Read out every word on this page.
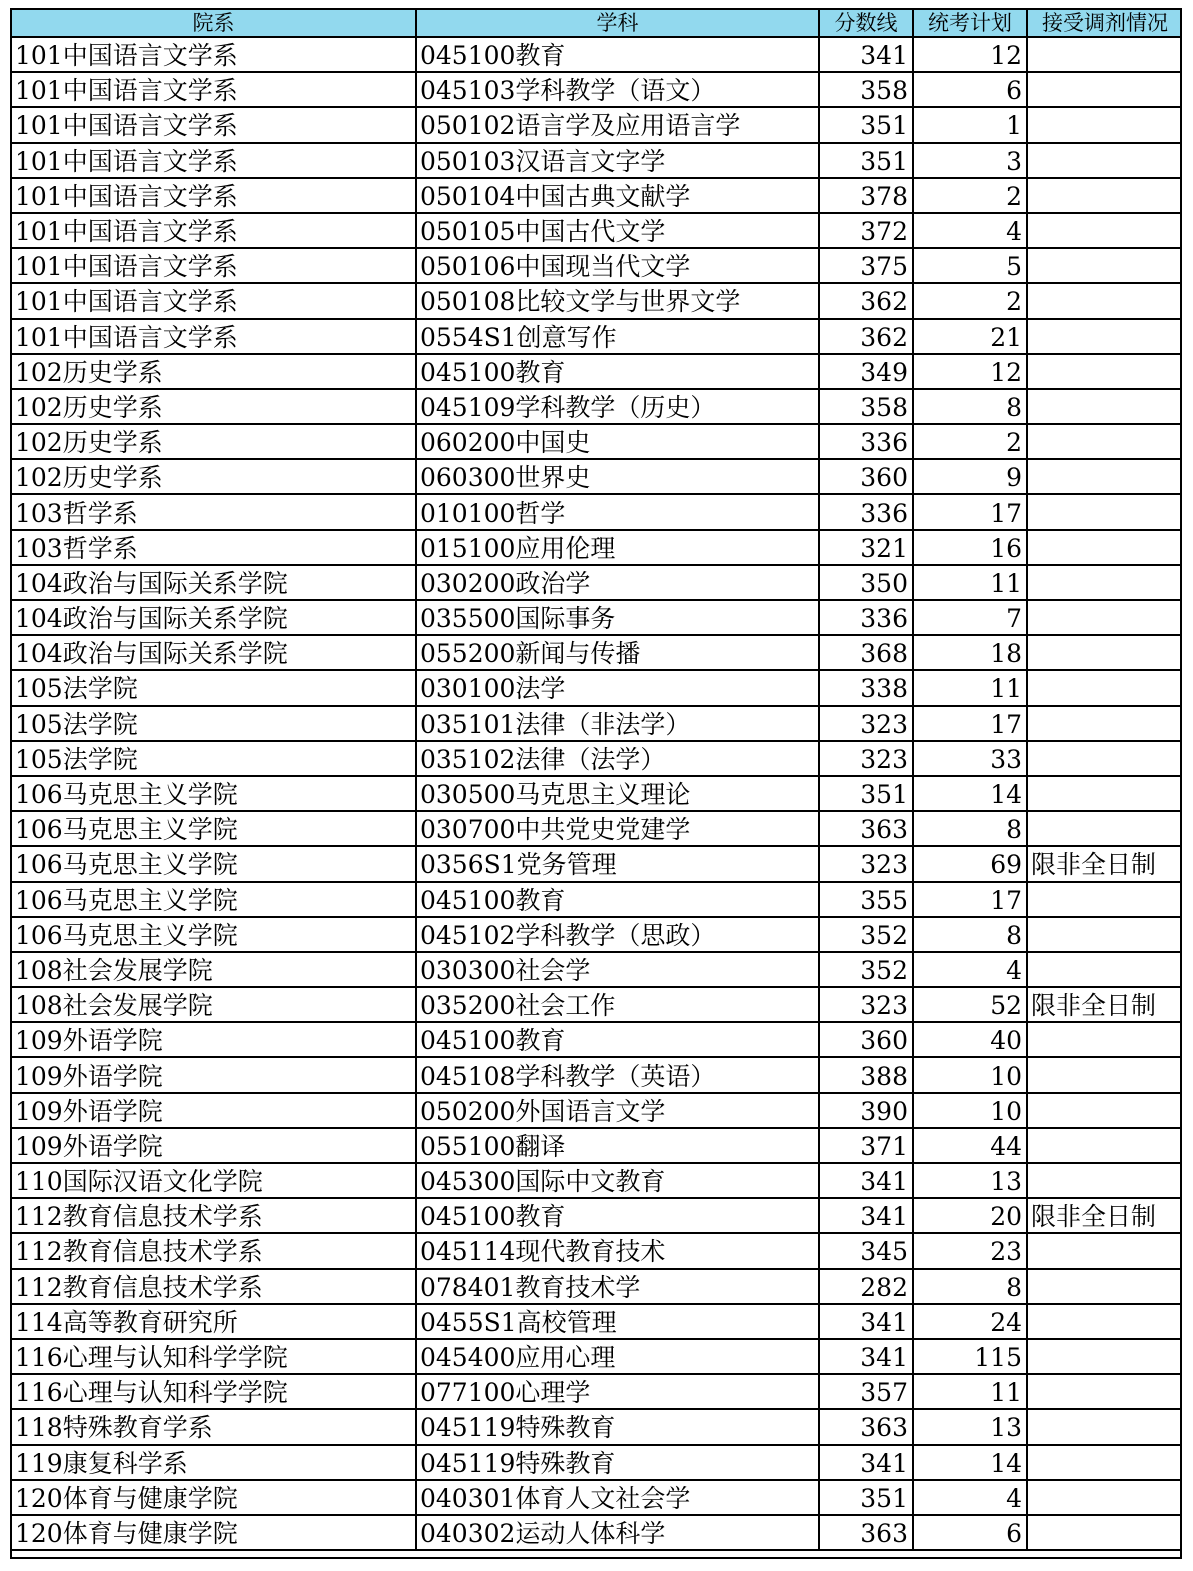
院系	学科	分数线	统考计划	接受调剂情况
101中国语言文学系	045100教育	341	12	
101中国语言文学系	045103学科教学（语文）	358	6	
101中国语言文学系	050102语言学及应用语言学	351	1	
101中国语言文学系	050103汉语言文字学	351	3	
101中国语言文学系	050104中国古典文献学	378	2	
101中国语言文学系	050105中国古代文学	372	4	
101中国语言文学系	050106中国现当代文学	375	5	
101中国语言文学系	050108比较文学与世界文学	362	2	
101中国语言文学系	0554S1创意写作	362	21	
102历史学系	045100教育	349	12	
102历史学系	045109学科教学（历史）	358	8	
102历史学系	060200中国史	336	2	
102历史学系	060300世界史	360	9	
103哲学系	010100哲学	336	17	
103哲学系	015100应用伦理	321	16	
104政治与国际关系学院	030200政治学	350	11	
104政治与国际关系学院	035500国际事务	336	7	
104政治与国际关系学院	055200新闻与传播	368	18	
105法学院	030100法学	338	11	
105法学院	035101法律（非法学）	323	17	
105法学院	035102法律（法学）	323	33	
106马克思主义学院	030500马克思主义理论	351	14	
106马克思主义学院	030700中共党史党建学	363	8	
106马克思主义学院	0356S1党务管理	323	69	限非全日制
106马克思主义学院	045100教育	355	17	
106马克思主义学院	045102学科教学（思政）	352	8	
108社会发展学院	030300社会学	352	4	
108社会发展学院	035200社会工作	323	52	限非全日制
109外语学院	045100教育	360	40	
109外语学院	045108学科教学（英语）	388	10	
109外语学院	050200外国语言文学	390	10	
109外语学院	055100翻译	371	44	
110国际汉语文化学院	045300国际中文教育	341	13	
112教育信息技术学系	045100教育	341	20	限非全日制
112教育信息技术学系	045114现代教育技术	345	23	
112教育信息技术学系	078401教育技术学	282	8	
114高等教育研究所	0455S1高校管理	341	24	
116心理与认知科学学院	045400应用心理	341	115	
116心理与认知科学学院	077100心理学	357	11	
118特殊教育学系	045119特殊教育	363	13	
119康复科学系	045119特殊教育	341	14	
120体育与健康学院	040301体育人文社会学	351	4	
120体育与健康学院	040302运动人体科学	363	6	
